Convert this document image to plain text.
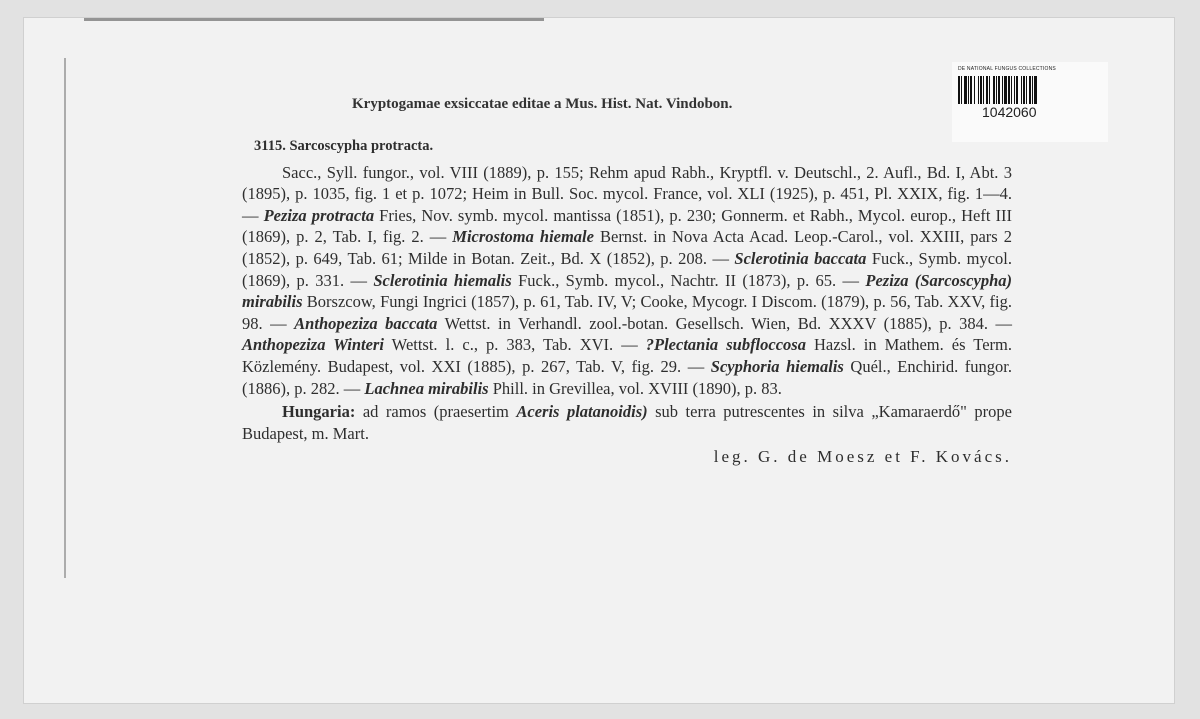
Kryptogamae exsiccatae editae a Mus. Hist. Nat. Vindobon.
DE NATIONAL FUNGUS COLLECTIONS
1042060
3115. Sarcoscypha protracta.

Sacc., Syll. fungor., vol. VIII (1889), p. 155; Rehm apud Rabh., Kryptfl. v. Deutschl., 2. Aufl., Bd. I, Abt. 3 (1895), p. 1035, fig. 1 et p. 1072; Heim in Bull. Soc. mycol. France, vol. XLI (1925), p. 451, Pl. XXIX, fig. 1—4. — Peziza protracta Fries, Nov. symb. mycol. mantissa (1851), p. 230; Gonnerm. et Rabh., Mycol. europ., Heft III (1869), p. 2, Tab. I, fig. 2. — Microstoma hiemale Bernst. in Nova Acta Acad. Leop.-Carol., vol. XXIII, pars 2 (1852), p. 649, Tab. 61; Milde in Botan. Zeit., Bd. X (1852), p. 208. — Sclerotinia baccata Fuck., Symb. mycol. (1869), p. 331. — Sclerotinia hiemalis Fuck., Symb. mycol., Nachtr. II (1873), p. 65. — Peziza (Sarcoscypha) mirabilis Borszcow, Fungi Ingrici (1857), p. 61, Tab. IV, V; Cooke, Mycogr. I Discom. (1879), p. 56, Tab. XXV, fig. 98. — Anthopeziza baccata Wettst. in Verhandl. zool.-botan. Gesellsch. Wien, Bd. XXXV (1885), p. 384. — Anthopeziza Winteri Wettst. l. c., p. 383, Tab. XVI. — ?Plectania subfloccosa Hazsl. in Mathem. és Term. Közlemény. Budapest, vol. XXI (1885), p. 267, Tab. V, fig. 29. — Scyphoria hiemalis Quél., Enchirid. fungor. (1886), p. 282. — Lachnea mirabilis Phill. in Grevillea, vol. XVIII (1890), p. 83.

Hungaria: ad ramos (praesertim Aceris platanoidis) sub terra putrescentes in silva „Kamaraerdő" prope Budapest, m. Mart.

leg. G. de Moesz et F. Kovács.
